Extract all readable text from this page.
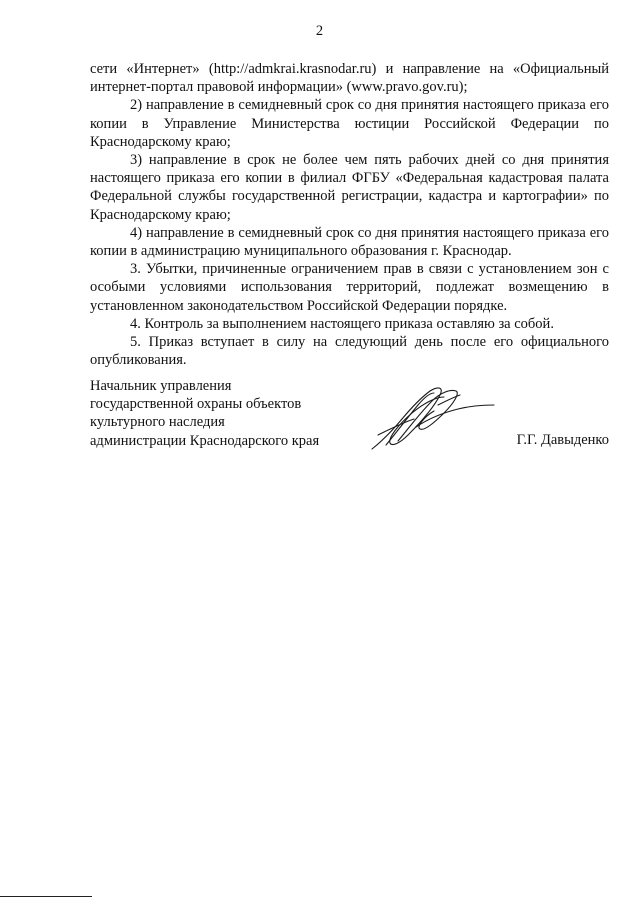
2

сети «Интернет» (http://admkrai.krasnodar.ru) и направление на «Официальный интернет-портал правовой информации» (www.pravo.gov.ru);

2) направление в семидневный срок со дня принятия настоящего приказа его копии в Управление Министерства юстиции Российской Федерации по Краснодарскому краю;

3) направление в срок не более чем пять рабочих дней со дня принятия настоящего приказа его копии в филиал ФГБУ «Федеральная кадастровая палата Федеральной службы государственной регистрации, кадастра и картографии» по Краснодарскому краю;

4) направление в семидневный срок со дня принятия настоящего приказа его копии в администрацию муниципального образования г. Краснодар.

3. Убытки, причиненные ограничением прав в связи с установлением зон с особыми условиями использования территорий, подлежат возмещению в установленном законодательством Российской Федерации порядке.

4. Контроль за выполнением настоящего приказа оставляю за собой.

5. Приказ вступает в силу на следующий день после его официального опубликования.

Начальник управления
государственной охраны объектов
культурного наследия
администрации Краснодарского края	Г.Г. Давыденко
